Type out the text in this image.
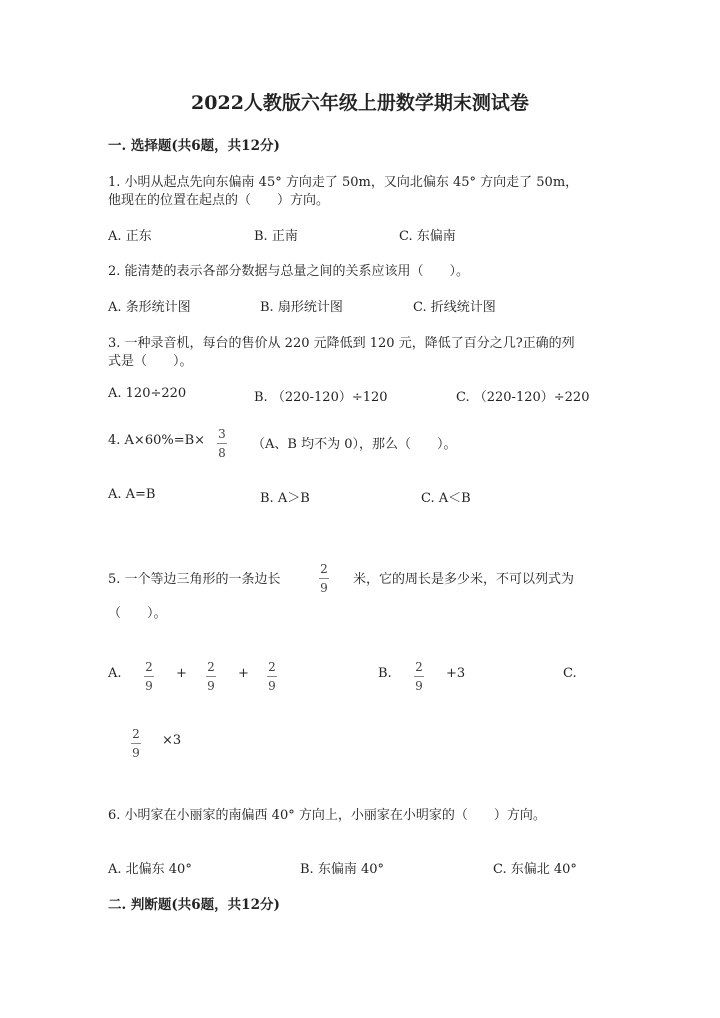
2022人教版六年级上册数学期末测试卷
一. 选择题(共6题，共12分)
1. 小明从起点先向东偏南 45° 方向走了 50m，又向北偏东 45° 方向走了 50m，
他现在的位置在起点的（　　）方向。
A. 正东	B. 正南	C. 东偏南
2. 能清楚的表示各部分数据与总量之间的关系应该用（　　）。
A. 条形统计图	B. 扇形统计图	C. 折线统计图
3. 一种录音机，每台的售价从 220 元降低到 120 元，降低了百分之几?正确的列
式是（　　）。
A. 120÷220	B. （220-120）÷120	C. （220-120）÷220
4. A×60%=B× 3
8
（A、B 均不为 0），那么（　　）。
A. A=B	B. A＞B	C. A＜B
5. 一个等边三角形的一条边长
2
9
米，它的周长是多少米，不可以列式为
（　　）。
A. 2
9
+ 2
9
+ 2
9
B. 2
9
+3	C.
2
9
×3
6. 小明家在小丽家的南偏西 40° 方向上，小丽家在小明家的（　　）方向。
A. 北偏东 40°	B. 东偏南 40°	C. 东偏北 40°
二. 判断题(共6题，共12分)
